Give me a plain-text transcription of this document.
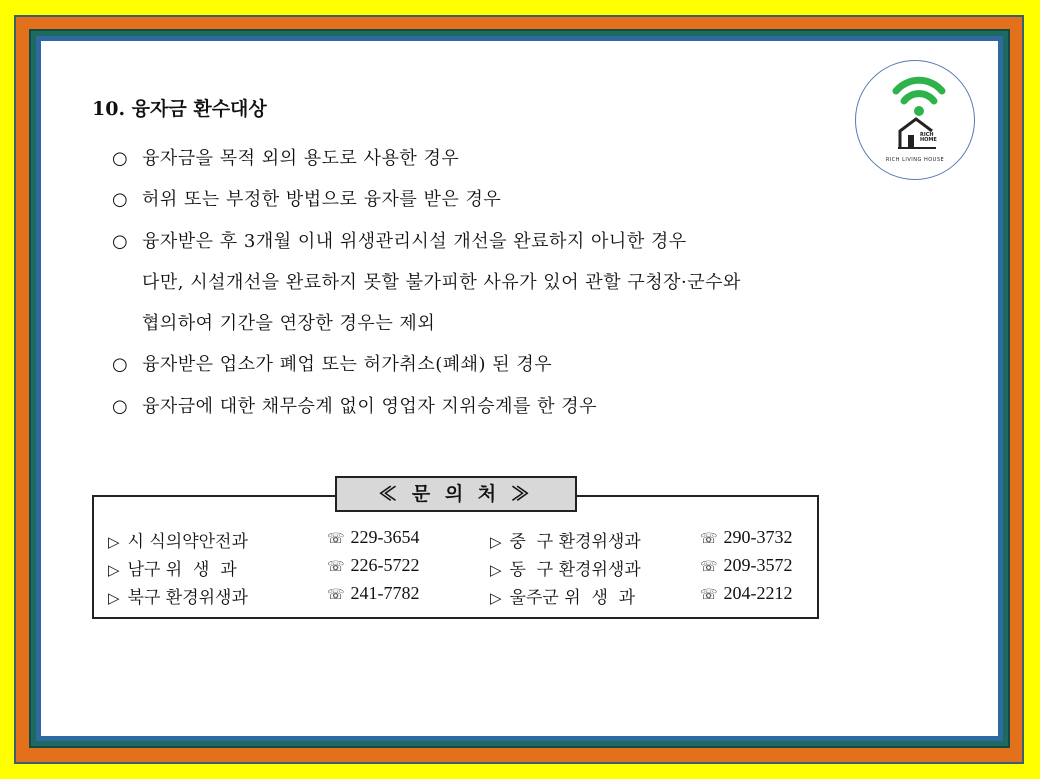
RICH
HOME
RICH LIVING HOUSE
10. 융자금 환수대상
○ 융자금을 목적 외의 용도로 사용한 경우
○ 허위 또는 부정한 방법으로 융자를 받은 경우
○ 융자받은 후 3개월 이내 위생관리시설 개선을 완료하지 아니한 경우
다만, 시설개선을 완료하지 못할 불가피한 사유가 있어 관할 구청장·군수와
협의하여 기간을 연장한 경우는 제외
○ 융자받은 업소가 폐업 또는 허가취소(폐쇄) 된 경우
○ 융자금에 대한 채무승계 없이 영업자 지위승계를 한 경우
≪ 문 의 처 ≫
▷ 시 식의약안전과	☏ 229-3654
▷ 남구 위  생  과	☏ 226-5722
▷ 북구 환경위생과	☏ 241-7782
▷ 중  구 환경위생과	☏ 290-3732
▷ 동  구 환경위생과	☏ 209-3572
▷ 울주군 위  생  과	☏ 204-2212
